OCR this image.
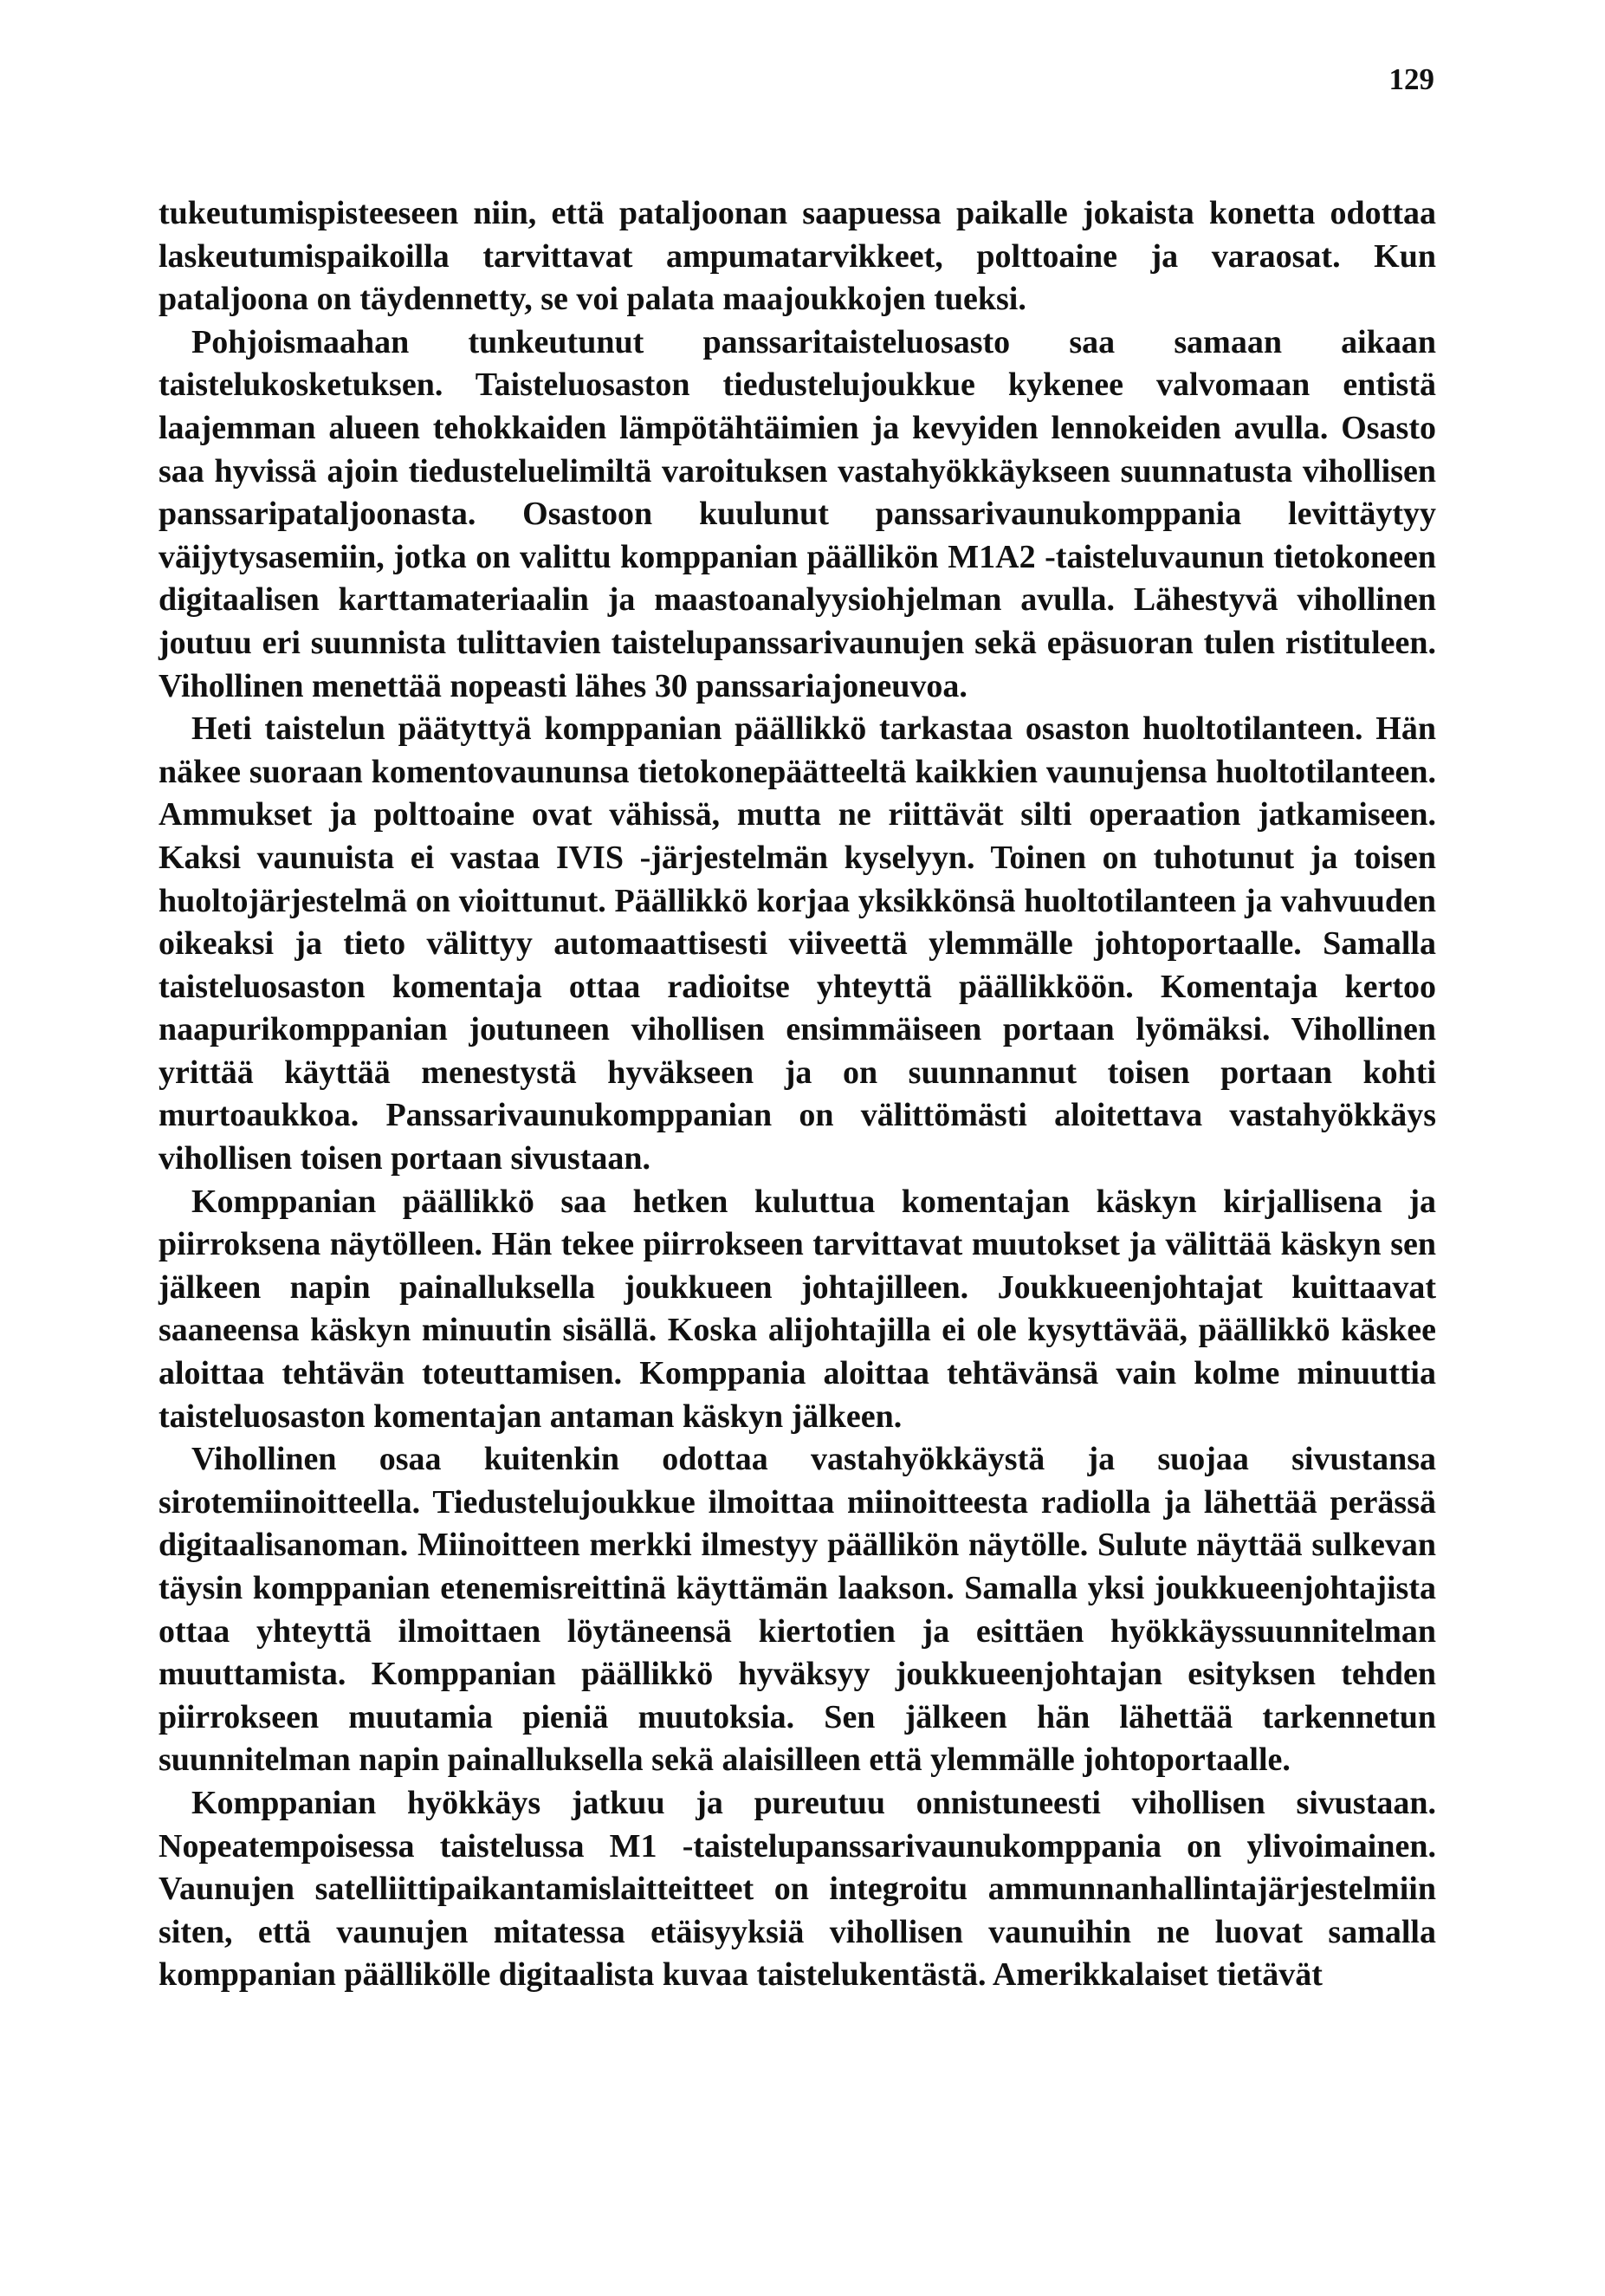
129

tukeutumispisteeseen niin, että pataljoonan saapuessa paikalle jokaista konetta odottaa laskeutumispaikoilla tarvittavat ampumatarvikkeet, polttoaine ja varaosat. Kun pataljoona on täydennetty, se voi palata maajoukkojen tueksi.

Pohjoismaahan tunkeutunut panssaritaisteluosasto saa samaan aikaan taistelukosketuksen. Taisteluosaston tiedustelujoukkue kykenee valvomaan entistä laajemman alueen tehokkaiden lämpötähtäimien ja kevyiden lennokeiden avulla. Osasto saa hyvissä ajoin tiedusteluelimiltä varoituksen vastahyökkäykseen suunnatusta vihollisen panssaripataljoonasta. Osastoon kuulunut panssarivaunukomppania levittäytyy väijytysasemiin, jotka on valittu komppanian päällikön M1A2 -taisteluvaunun tietokoneen digitaalisen karttamateriaalin ja maastoanalyysiohjelman avulla. Lähestyvä vihollinen joutuu eri suunnista tulittavien taistelupanssarivaunujen sekä epäsuoran tulen ristituleen. Vihollinen menettää nopeasti lähes 30 panssariajoneuvoa.

Heti taistelun päätyttyä komppanian päällikkö tarkastaa osaston huoltotilanteen. Hän näkee suoraan komentovaununsa tietokonepäätteeltä kaikkien vaunujensa huoltotilanteen. Ammukset ja polttoaine ovat vähissä, mutta ne riittävät silti operaation jatkamiseen. Kaksi vaunuista ei vastaa IVIS -järjestelmän kyselyyn. Toinen on tuhotunut ja toisen huoltojärjestelmä on vioittunut. Päällikkö korjaa yksikkönsä huoltotilanteen ja vahvuuden oikeaksi ja tieto välittyy automaattisesti viiveettä ylemmälle johtoportaalle. Samalla taisteluosaston komentaja ottaa radioitse yhteyttä päällikköön. Komentaja kertoo naapurikomppanian joutuneen vihollisen ensimmäiseen portaan lyömäksi. Vihollinen yrittää käyttää menestystä hyväkseen ja on suunnannut toisen portaan kohti murtoaukkoa. Panssarivaunukomppanian on välittömästi aloitettava vastahyökkäys vihollisen toisen portaan sivustaan.

Komppanian päällikkö saa hetken kuluttua komentajan käskyn kirjallisena ja piirroksena näytölleen. Hän tekee piirrokseen tarvittavat muutokset ja välittää käskyn sen jälkeen napin painalluksella joukkueen johtajilleen. Joukkueenjohtajat kuittaavat saaneensa käskyn minuutin sisällä. Koska alijohtajilla ei ole kysyttävää, päällikkö käskee aloittaa tehtävän toteuttamisen. Komppania aloittaa tehtävänsä vain kolme minuuttia taisteluosaston komentajan antaman käskyn jälkeen.

Vihollinen osaa kuitenkin odottaa vastahyökkäystä ja suojaa sivustansa sirotemiinoitteella. Tiedustelujoukkue ilmoittaa miinoitteesta radiolla ja lähettää perässä digitaalisanoman. Miinoitteen merkki ilmestyy päällikön näytölle. Sulute näyttää sulkevan täysin komppanian etenemisreittinä käyttämän laakson. Samalla yksi joukkueenjohtajista ottaa yhteyttä ilmoittaen löytäneensä kiertotien ja esittäen hyökkäyssuunnitelman muuttamista. Komppanian päällikkö hyväksyy joukkueenjohtajan esityksen tehden piirrokseen muutamia pieniä muutoksia. Sen jälkeen hän lähettää tarkennetun suunnitelman napin painalluksella sekä alaisilleen että ylemmälle johtoportaalle.

Komppanian hyökkäys jatkuu ja pureutuu onnistuneesti vihollisen sivustaan. Nopeatempoisessa taistelussa M1 -taistelupanssarivaunukomppania on ylivoimainen. Vaunujen satelliittipaikantamislaitteitteet on integroitu ammunnanhallintajärjestelmiin siten, että vaunujen mitatessa etäisyyksiä vihollisen vaunuihin ne luovat samalla komppanian päällikölle digitaalista kuvaa taistelukentästä. Amerikkalaiset tietävät
